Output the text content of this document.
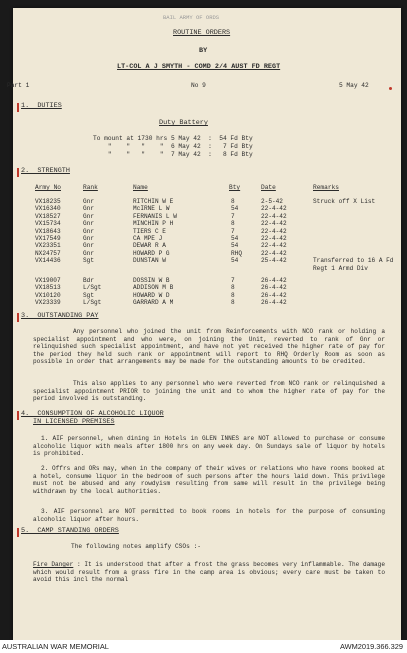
BAIL ARMY OF ORDS
ROUTINE ORDERS
BY
LT-COL A J SMYTH - COMD 2/4 AUST FD REGT
Part 1	No 9	5 May 42
1.  DUTIES
Duty Battery
To mount at 1730 hrs 5 May 42  :  54 Fd Bty
"    "   "    "  6 May 42  :   7 Fd Bty
"    "   "    "  7 May 42  :   8 Fd Bty
2.  STRENGTH
Army No	Rank	Name	Bty	Date	Remarks
VX18235	Gnr	RITCHIN W E	8	2-5-42	Struck off X List
VX16340	Gnr	McIRNE L W	54	22-4-42
VX18527	Gnr	FERNANIS L W	7	22-4-42
VX15734	Gnr	MINCHIN P H	8	22-4-42
VX18643	Gnr	TIERS C E	7	22-4-42
VX17549	Gnr	CA MPE J	54	22-4-42
VX23351	Gnr	DEWAR R A	54	22-4-42
NX24757	Gnr	HOWARD P G	RHQ	22-4-42
VX14436	Sgt	DUNSTAN W	54	25-4-42	Transferred to 16 A Fd
Regt 1 Armd Div
VX19007	Bdr	DOSSIN W B	7	26-4-42
VX18513	L/Sgt	ADDISON M B	8	26-4-42
VX10120	Sgt	HOWARD W D	8	26-4-42
VX23339	L/Sgt	GARRARD A M	8	26-4-42
3.  OUTSTANDING PAY
Any personnel who joined the unit from Reinforcements with NCO rank or holding a specialist appointment and who were, on joining the Unit, reverted to rank of Gnr or relinquished such specialist appointment, and have not yet received the higher rate of pay for the period they held such rank or appointment will report to RHQ Orderly Room as soon as possible in order that arrangements may be made for the outstanding amounts to be credited.
This also applies to any personnel who were reverted from NCO rank or relinquished a specialist appointment PRIOR to joining the unit and to whom the higher rate of pay for the period involved is outstanding.
4.  CONSUMPTION OF ALCOHOLIC LIQUOR
IN LICENSED PREMISES
1. AIF personnel, when dining in Hotels in GLEN INNES are NOT allowed to purchase or consume alcoholic liquor with meals after 1800 hrs on any week day. On Sundays sale of liquor by hotels is prohibited.
2. Offrs and ORs may, when in the company of their wives or relations who have rooms booked at a hotel, consume liquor in the bedroom of such persons after the hours laid down. This privilege must not be abused and any rowdyism resulting from same will result in the privilege being withdrawn by the local authorities.
3. AIF personnel are NOT permitted to book rooms in hotels for the purpose of consuming alcoholic liquor after hours.
5.  CAMP STANDING ORDERS
The following notes amplify CSOs :-
Fire Danger : It is understood that after a frost the grass becomes very inflammable. The damage which would result from a grass fire in the camp area is obvious; every care must be taken to avoid this incl the normal
AUSTRALIAN WAR MEMORIAL	AWM2019.366.329
